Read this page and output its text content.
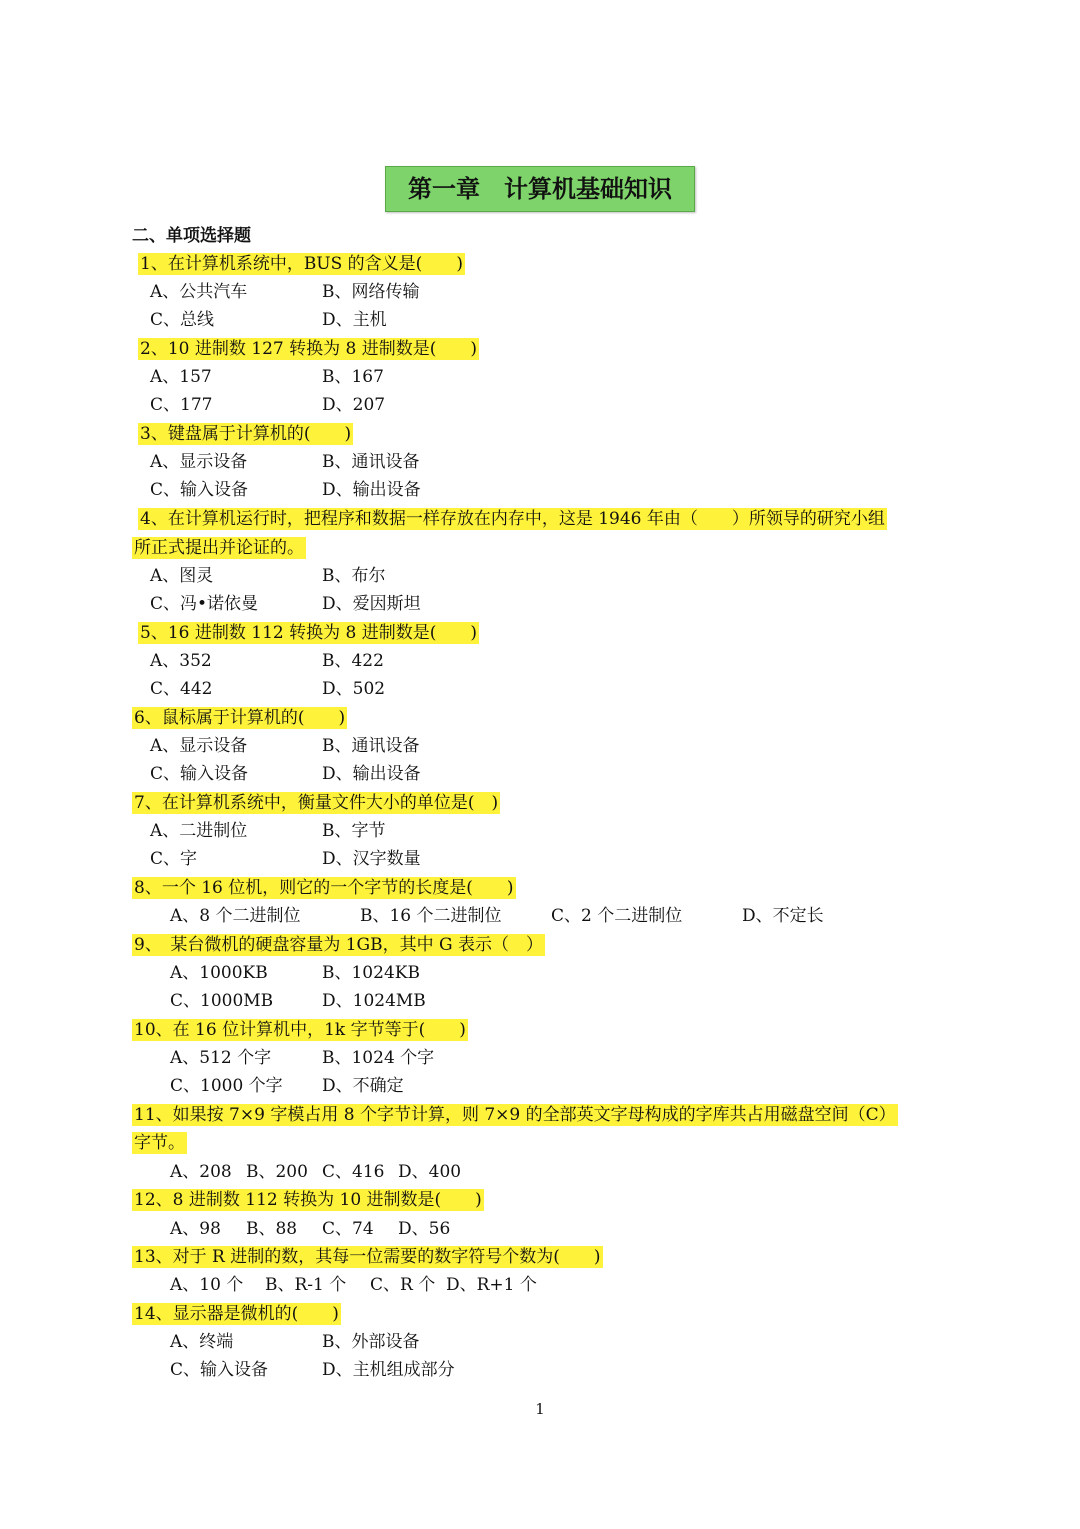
第一章　计算机基础知识
二、单项选择题
1、在计算机系统中，BUS 的含义是(　　)
A、公共汽车	B、网络传输
C、总线	D、主机
2、10 进制数 127 转换为 8 进制数是(　　)
A、157	B、167
C、177	D、207
3、键盘属于计算机的(　　)
A、显示设备	B、通讯设备
C、输入设备	D、输出设备
4、在计算机运行时，把程序和数据一样存放在内存中，这是 1946 年由（　　）所领导的研究小组
所正式提出并论证的。
A、图灵	B、布尔
C、冯•诺依曼	D、爱因斯坦
5、16 进制数 112 转换为 8 进制数是(　　)
A、352	B、422
C、442	D、502
6、鼠标属于计算机的(　　)
A、显示设备	B、通讯设备
C、输入设备	D、输出设备
7、在计算机系统中，衡量文件大小的单位是(　)
A、二进制位	B、字节
C、字	D、汉字数量
8、一个 16 位机，则它的一个字节的长度是(　　)
A、8 个二进制位	B、16 个二进制位	C、2 个二进制位	D、不定长
9、　某台微机的硬盘容量为 1GB，其中 G 表示（　）
A、1000KB	B、1024KB
C、1000MB	D、1024MB
10、在 16 位计算机中，1k 字节等于(　　)
A、512 个字	B、1024 个字
C、1000 个字 D、不确定
11、如果按 7×9 字模占用 8 个字节计算，则 7×9 的全部英文字母构成的字库共占用磁盘空间（C）
字节。
A、208 B、200 C、416 D、400
12、8 进制数 112 转换为 10 进制数是(　　)
A、98 B、88 C、74 D、56
13、对于 R 进制的数，其每一位需要的数字符号个数为(　　)
A、10 个 B、R-1 个 C、R 个 D、R+1 个
14、显示器是微机的(　　)
A、终端	B、外部设备
C、输入设备	D、主机组成部分
1
